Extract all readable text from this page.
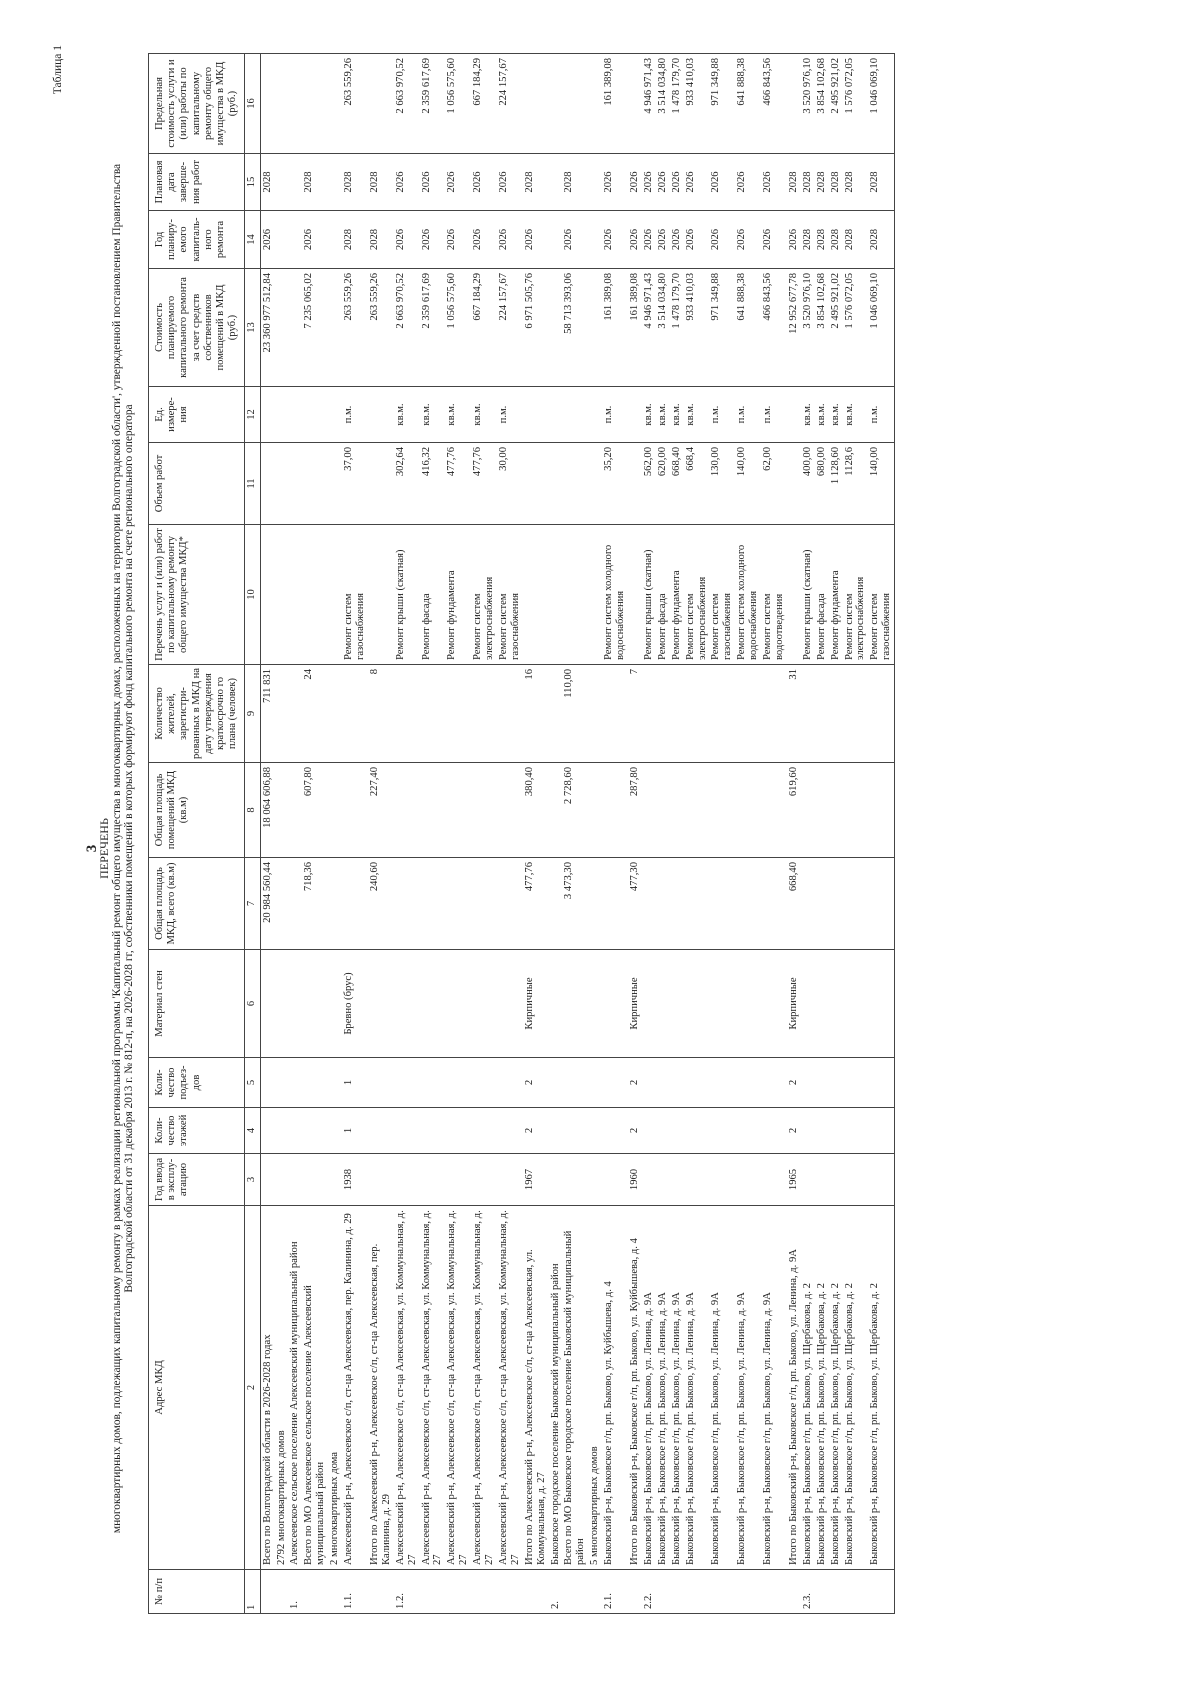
3
Таблица 1
ПЕРЕЧЕНЬ многоквартирных домов, подлежащих капитальному ремонту в рамках реализации региональной программы 'Капитальный ремонт общего имущества в многоквартирных домах, расположенных на территории Волгоградской области', утвержденной постановлением Правительства Волгоградской области от 31 декабря 2013 г. № 812-п, на 2026-2028 гг, собственники помещений в которых формируют фонд капитального ремонта на счете регионального оператора
№ п/п	Адрес МКД	Год ввода в эксплу- атацию	Коли- чество этажей	Коли- чество подъез- дов	Материал стен	Общая площадь МКД, всего (кв.м)	Общая площадь помещений МКД (кв.м)	Количество жителей, зарегистри- рованных в МКД на дату утверждения краткосрочно го плана (человек)	Перечень услуг и (или) работ по капитальному ремонту общего имущества МКД*	Объем работ	Ед. измере- ния	Стоимость планируемого капитального ремонта за счет средств собственников помещений в МКД (руб.)	Год планиру- емого капиталь- ного ремонта	Плановая дата заверше- ния работ	Предельная стоимость услуги и (или) работы по капитальному ремонту общего имущества в МКД (руб.)
1	2	3	4	5	6	7	8	9	10	11	12	13	14	15	16
	Всего по Волгоградской области в 2026-2028 годах					20 984 560,44	18 064 606,88	711 831				23 360 977 512,84	2026	2028	
	2792 многоквартирных домов														
1.	Алексеевское сельское поселение Алексеевский муниципальный район														
	Всего по МО Алексеевское сельское поселение Алексеевский муниципальный район					718,36	607,80	24				7 235 065,02	2026	2028	
	2 многоквартирных дома														
1.1.	Алексеевский р-н, Алексеевское с/п, ст-ца Алексеевская, пер. Калинина, д. 29	1938	1	1	Бревно (брус)				Ремонт систем газоснабжения	37,00	п.м.	263 559,26	2028	2028	263 559,26
	Итого по Алексеевский р-н, Алексеевское с/п, ст-ца Алексеевская, пер. Калинина, д. 29					240,60	227,40	8				263 559,26	2028	2028	
1.2.	Алексеевский р-н, Алексеевское с/п, ст-ца Алексеевская, ул. Коммунальная, д. 27								Ремонт крыши (скатная)	302,64	кв.м.	2 663 970,52	2026	2026	2 663 970,52
	Алексеевский р-н, Алексеевское с/п, ст-ца Алексеевская, ул. Коммунальная, д. 27								Ремонт фасада	416,32	кв.м.	2 359 617,69	2026	2026	2 359 617,69
	Алексеевский р-н, Алексеевское с/п, ст-ца Алексеевская, ул. Коммунальная, д. 27								Ремонт фундамента	477,76	кв.м.	1 056 575,60	2026	2026	1 056 575,60
	Алексеевский р-н, Алексеевское с/п, ст-ца Алексеевская, ул. Коммунальная, д. 27								Ремонт систем электроснабжения	477,76	кв.м.	667 184,29	2026	2026	667 184,29
	Алексеевский р-н, Алексеевское с/п, ст-ца Алексеевская, ул. Коммунальная, д. 27								Ремонт систем газоснабжения	30,00	п.м.	224 157,67	2026	2026	224 157,67
	Итого по Алексеевский р-н, Алексеевское с/п, ст-ца Алексеевская, ул. Коммунальная, д. 27	1967	2	2	Кирпичные	477,76	380,40	16				6 971 505,76	2026	2028	
2.	Быковское городское поселение Быковский муниципальный район														
	Всего по МО Быковское городское поселение Быковский муниципальный район					3 473,30	2 728,60	110,00				58 713 393,06	2026	2028	
	5 многоквартирных домов														
2.1.	Быковский р-н, Быковское г/п, рп. Быково, ул. Куйбышева, д. 4								Ремонт систем холодного водоснабжения	35,20	п.м.	161 389,08	2026	2026	161 389,08
	Итого по Быковский р-н, Быковское г/п, рп. Быково, ул. Куйбышева, д. 4	1960	2	2	Кирпичные	477,30	287,80	7				161 389,08	2026	2026	
2.2.	Быковский р-н, Быковское г/п, рп. Быково, ул. Ленина, д. 9А								Ремонт крыши (скатная)	562,00	кв.м.	4 946 971,43	2026	2026	4 946 971,43
	Быковский р-н, Быковское г/п, рп. Быково, ул. Ленина, д. 9А								Ремонт фасада	620,00	кв.м.	3 514 034,80	2026	2026	3 514 034,80
	Быковский р-н, Быковское г/п, рп. Быково, ул. Ленина, д. 9А								Ремонт фундамента	668,40	кв.м.	1 478 179,70	2026	2026	1 478 179,70
	Быковский р-н, Быковское г/п, рп. Быково, ул. Ленина, д. 9А								Ремонт систем электроснабжения	668,4	кв.м.	933 410,03	2026	2026	933 410,03
	Быковский р-н, Быковское г/п, рп. Быково, ул. Ленина, д. 9А								Ремонт систем газоснабжения	130,00	п.м.	971 349,88	2026	2026	971 349,88
	Быковский р-н, Быковское г/п, рп. Быково, ул. Ленина, д. 9А								Ремонт систем холодного водоснабжения	140,00	п.м.	641 888,38	2026	2026	641 888,38
	Быковский р-н, Быковское г/п, рп. Быково, ул. Ленина, д. 9А								Ремонт систем водоотведения	62,00	п.м.	466 843,56	2026	2026	466 843,56
	Итого по Быковский р-н, Быковское г/п, рп. Быково, ул. Ленина, д. 9А	1965	2	2	Кирпичные	668,40	619,60	31				12 952 677,78	2026	2028	
2.3.	Быковский р-н, Быковское г/п, рп. Быково, ул. Щербакова, д. 2								Ремонт крыши (скатная)	400,00	кв.м.	3 520 976,10	2028	2028	3 520 976,10
	Быковский р-н, Быковское г/п, рп. Быково, ул. Щербакова, д. 2								Ремонт фасада	680,00	кв.м.	3 854 102,68	2028	2028	3 854 102,68
	Быковский р-н, Быковское г/п, рп. Быково, ул. Щербакова, д. 2								Ремонт фундамента	1 128,60	кв.м.	2 495 921,02	2028	2028	2 495 921,02
	Быковский р-н, Быковское г/п, рп. Быково, ул. Щербакова, д. 2								Ремонт систем электроснабжения	1128,6	кв.м.	1 576 072,05	2028	2028	1 576 072,05
	Быковский р-н, Быковское г/п, рп. Быково, ул. Щербакова, д. 2								Ремонт систем газоснабжения	140,00	п.м.	1 046 069,10	2028	2028	1 046 069,10
